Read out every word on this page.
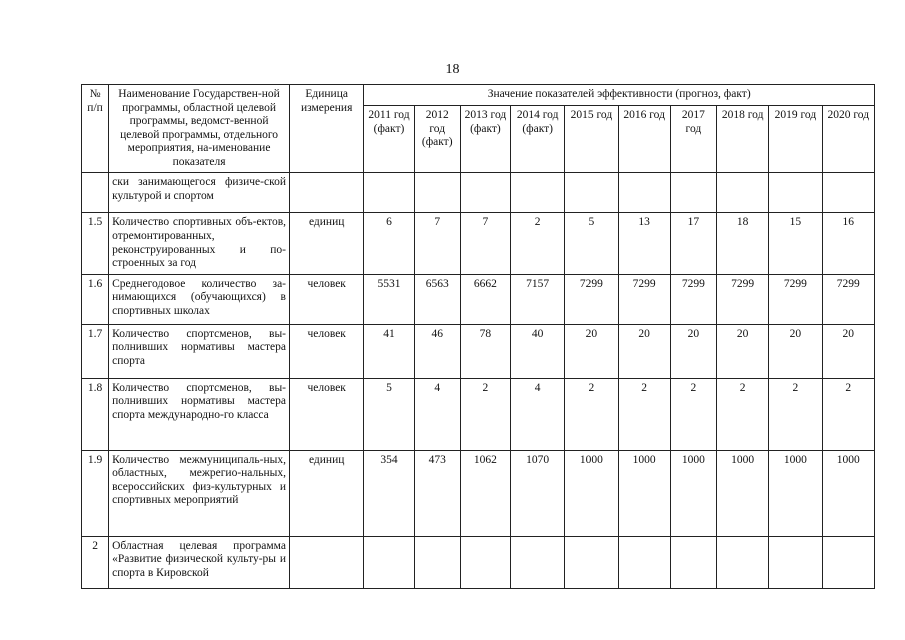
18
№ п/п	Наименование Государствен-ной программы, областной целевой программы, ведомст-венной целевой программы, отдельного мероприятия, на-именование показателя	Единица измерения	Значение показателей эффективности (прогноз, факт)									
			2011 год (факт)	2012 год (факт)	2013 год (факт)	2014 год (факт)	2015 год	2016 год	2017 год	2018 год	2019 год	2020 год
	ски занимающегося физиче-ской культурой и спортом											
1.5	Количество спортивных объ-ектов, отремонтированных, реконструированных и по-строенных за год	единиц	6	7	7	2	5	13	17	18	15	16
1.6	Среднегодовое количество за-нимающихся (обучающихся) в спортивных школах	человек	5531	6563	6662	7157	7299	7299	7299	7299	7299	7299
1.7	Количество спортсменов, вы-полнивших нормативы мастера спорта	человек	41	46	78	40	20	20	20	20	20	20
1.8	Количество спортсменов, вы-полнивших нормативы мастера спорта международно-го класса	человек	5	4	2	4	2	2	2	2	2	2
1.9	Количество межмуниципаль-ных, областных, межрегио-нальных, всероссийских физ-культурных и спортивных мероприятий	единиц	354	473	1062	1070	1000	1000	1000	1000	1000	1000
2	Областная целевая программа «Развитие физической культу-ры и спорта в Кировской											
